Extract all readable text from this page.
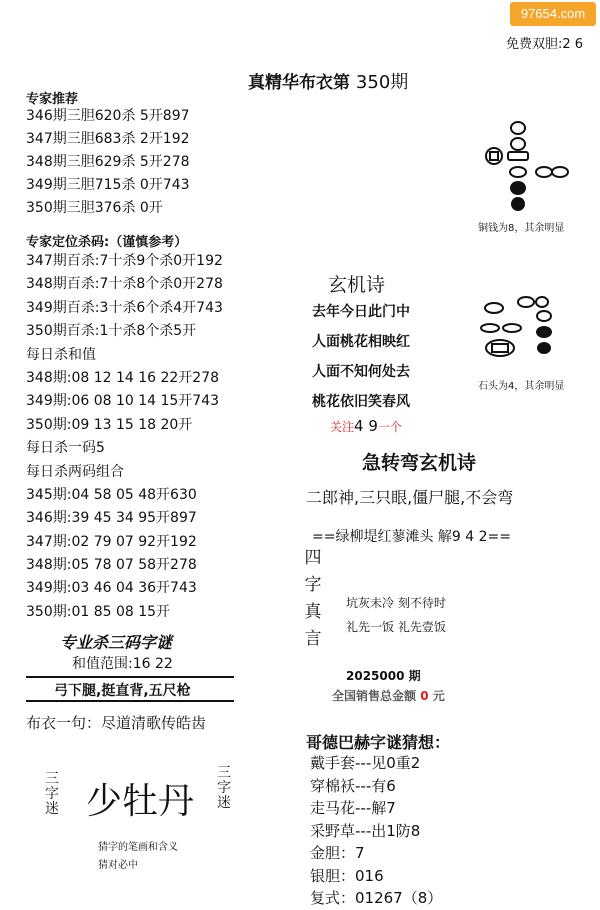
97654.com
免费双胆:2 6
真精华布衣第 350期
专家推荐
346期三胆620杀 5开897
347期三胆683杀 2开192
348期三胆629杀 5开278
349期三胆715杀 0开743
350期三胆376杀 0开
专家定位杀码:（谨慎参考）
347期百杀:7十杀9个杀0开192
348期百杀:7十杀8个杀0开278
349期百杀:3十杀6个杀4开743
350期百杀:1十杀8个杀5开
每日杀和值
348期:08 12 14 16 22开278
349期:06 08 10 14 15开743
350期:09 13 15 18 20开
每日杀一码5
每日杀两码组合
345期:04 58 05 48开630
346期:39 45 34 95开897
347期:02 79 07 92开192
348期:05 78 07 58开278
349期:03 46 04 36开743
350期:01 85 08 15开
专业杀三码字谜
和值范围:16 22
弓下腿,挺直背,五尺枪
布衣一句：尽道清歌传皓齿
三字迷 少牡丹
三字迷
猜字的笔画和含义
猜对必中
铜钱为8，其余明显
石头为4，其余明显
玄机诗
去年今日此门中
人面桃花相映红
人面不知何处去
桃花依旧笑春风
关注4 9一个
急转弯玄机诗
二郎神,三只眼,僵尸腿,不会弯
==绿柳堤红蓼滩头 解9 4 2==
四字真言
坑灰未冷 刻不待时
礼先一饭 礼先壹饭
2025000 期
全国销售总金额 0 元
哥德巴赫字谜猜想：
戴手套---见0重2
穿棉袄---有6
走马花---解7
采野草---出1防8
金胆：7
银胆：016
复式：01267（8）
